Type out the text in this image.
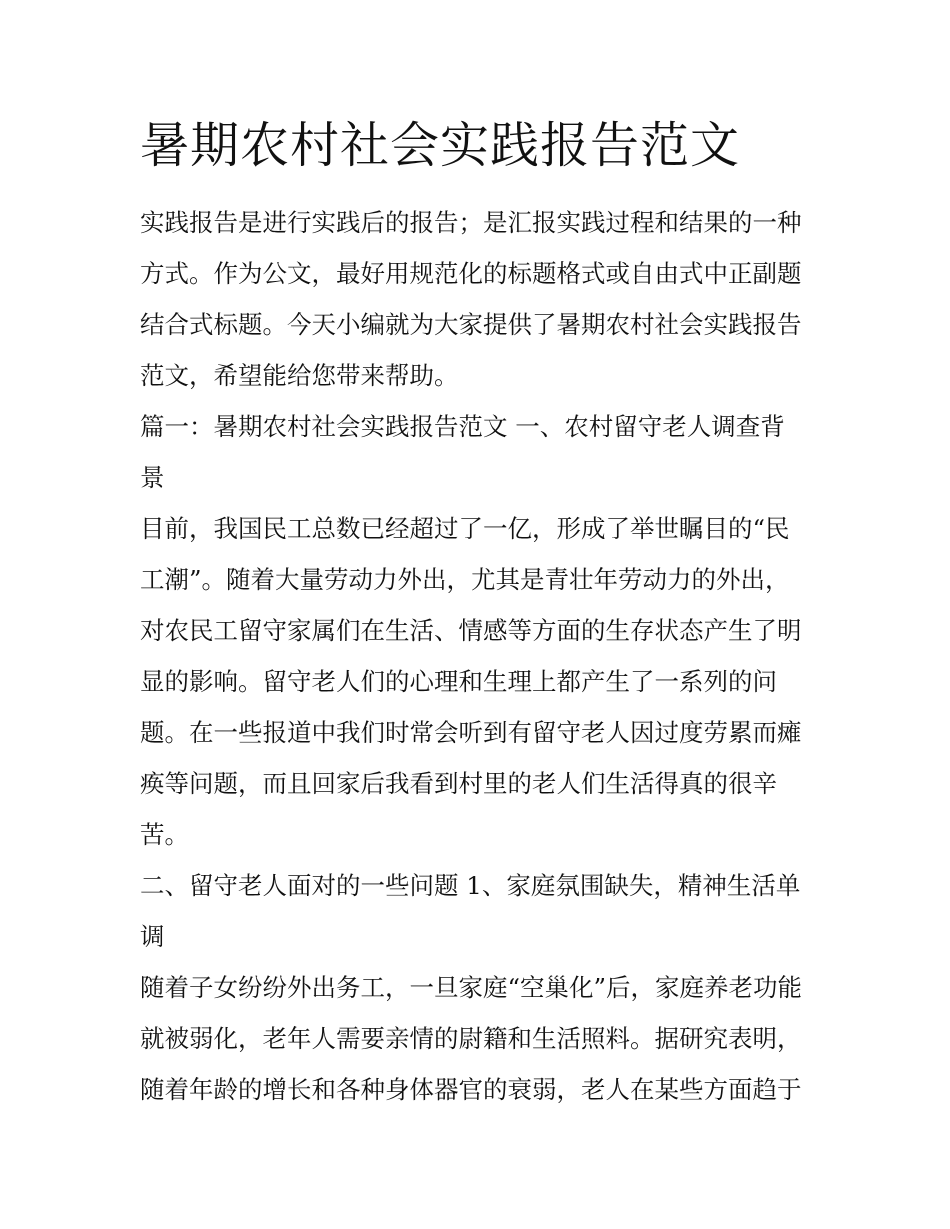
暑期农村社会实践报告范文

实践报告是进行实践后的报告；是汇报实践过程和结果的一种

方式。作为公文，最好用规范化的标题格式或自由式中正副题

结合式标题。今天小编就为大家提供了暑期农村社会实践报告

范文，希望能给您带来帮助。

篇一：暑期农村社会实践报告范文 一、农村留守老人调查背

景

目前，我国民工总数已经超过了一亿，形成了举世瞩目的“民

工潮”。随着大量劳动力外出，尤其是青壮年劳动力的外出，

对农民工留守家属们在生活、情感等方面的生存状态产生了明

显的影响。留守老人们的心理和生理上都产生了一系列的问

题。在一些报道中我们时常会听到有留守老人因过度劳累而瘫

痪等问题，而且回家后我看到村里的老人们生活得真的很辛

苦。

二、留守老人面对的一些问题 1、家庭氛围缺失，精神生活单

调

随着子女纷纷外出务工，一旦家庭“空巢化”后，家庭养老功能

就被弱化，老年人需要亲情的尉籍和生活照料。据研究表明，

随着年龄的增长和各种身体器官的衰弱，老人在某些方面趋于
